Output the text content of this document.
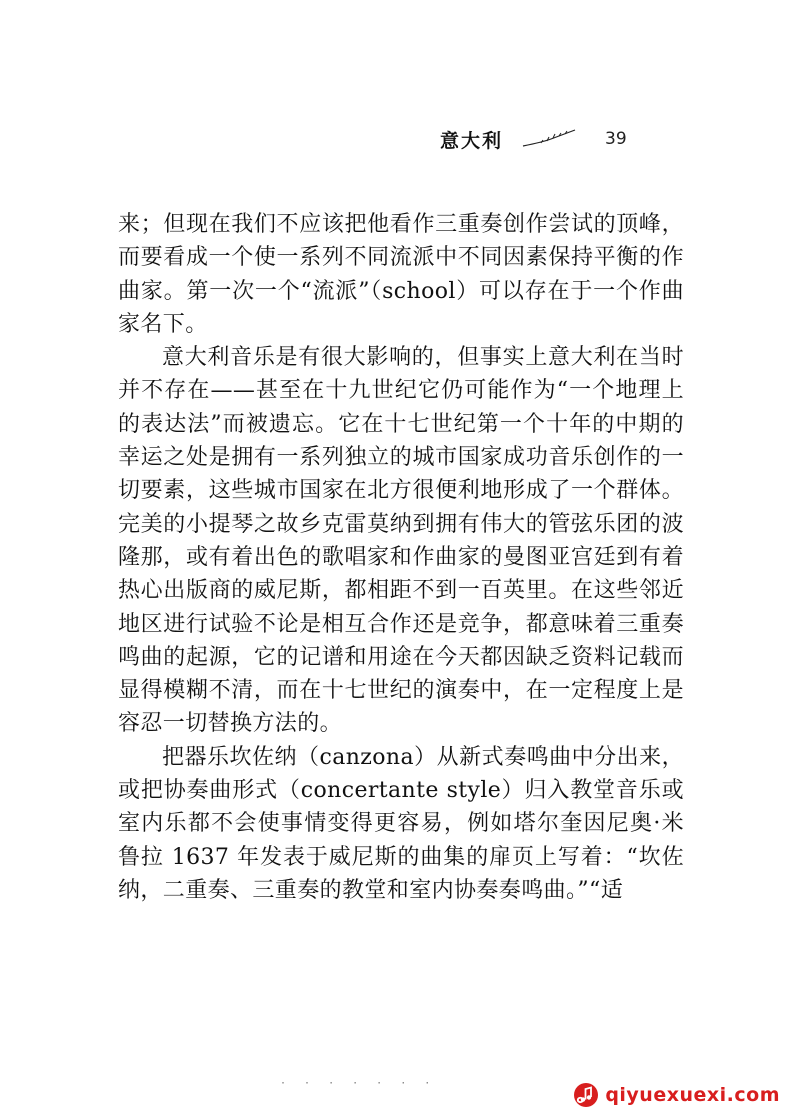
意大利	39

来；但现在我们不应该把他看作三重奏创作尝试的顶峰，而要看成一个使一系列不同流派中不同因素保持平衡的作曲家。第一次一个“流派”（school）可以存在于一个作曲家名下。

意大利音乐是有很大影响的，但事实上意大利在当时并不存在——甚至在十九世纪它仍可能作为“一个地理上的表达法”而被遗忘。它在十七世纪第一个十年的中期的幸运之处是拥有一系列独立的城市国家成功音乐创作的一切要素，这些城市国家在北方很便利地形成了一个群体。完美的小提琴之故乡克雷莫纳到拥有伟大的管弦乐团的波隆那，或有着出色的歌唱家和作曲家的曼图亚宫廷到有着热心出版商的威尼斯，都相距不到一百英里。在这些邻近地区进行试验不论是相互合作还是竞争，都意味着三重奏鸣曲的起源，它的记谱和用途在今天都因缺乏资料记载而显得模糊不清，而在十七世纪的演奏中，在一定程度上是容忍一切替换方法的。

把器乐坎佐纳（canzona）从新式奏鸣曲中分出来，或把协奏曲形式（concertante style）归入教堂音乐或室内乐都不会使事情变得更容易，例如塔尔奎因尼奥·米鲁拉 1637 年发表于威尼斯的曲集的扉页上写着：“坎佐纳，二重奏、三重奏的教堂和室内协奏奏鸣曲。”“适

· · · · · · ·
qiyuexuexi.com
